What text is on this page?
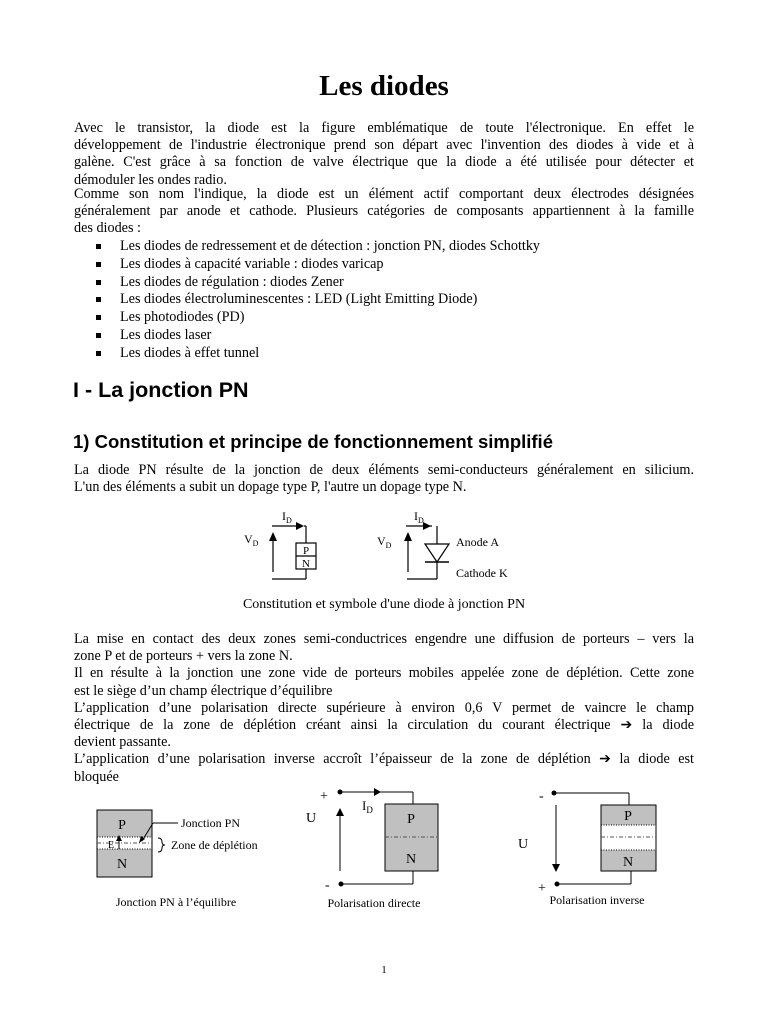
Les diodes
Avec le transistor, la diode est la figure emblématique de toute l'électronique. En effet le
développement de l'industrie électronique prend son départ avec l'invention des diodes à vide et à
galène. C'est grâce à sa fonction de valve électrique que la diode a été utilisée pour détecter et
démoduler les ondes radio.
Comme son nom l'indique, la diode est un élément actif comportant deux électrodes désignées
généralement par anode et cathode. Plusieurs catégories de composants appartiennent à la famille
des diodes :
Les diodes de redressement et de détection : jonction PN, diodes Schottky
Les diodes à capacité variable : diodes varicap
Les diodes de régulation : diodes Zener
Les diodes électroluminescentes : LED (Light Emitting Diode)
Les photodiodes (PD)
Les diodes laser
Les diodes à effet tunnel
I - La jonction PN
1) Constitution et principe de fonctionnement simplifié
La diode PN résulte de la jonction de deux éléments semi-conducteurs généralement en silicium.
L'un des éléments a subit un dopage type P, l'autre un dopage type N.
$I_D$
$V_D$
P
N
$I_D$
$V_D$	Anode A
Cathode K
Constitution et symbole d'une diode à jonction PN
La mise en contact des deux zones semi-conductrices engendre une diffusion de porteurs – vers la
zone P et de porteurs + vers la zone N.
Il en résulte à la jonction une zone vide de porteurs mobiles appelée zone de déplétion. Cette zone
est le siège d’un champ électrique d’équilibre
L’application d’une polarisation directe supérieure à environ 0,6 V permet de vaincre le champ
électrique de la zone de déplétion créant ainsi la circulation du courant électrique ➔ la diode
devient passante.
L’application d’une polarisation inverse accroît l’épaisseur de la zone de déplétion ➔ la diode est
bloquée
E
P
N
Jonction PN
Zone de déplétion
Jonction PN à l’équilibre
P
N
+
-
U
$I_D$
Polarisation directe
P
N
-
+
U
Polarisation inverse
1
